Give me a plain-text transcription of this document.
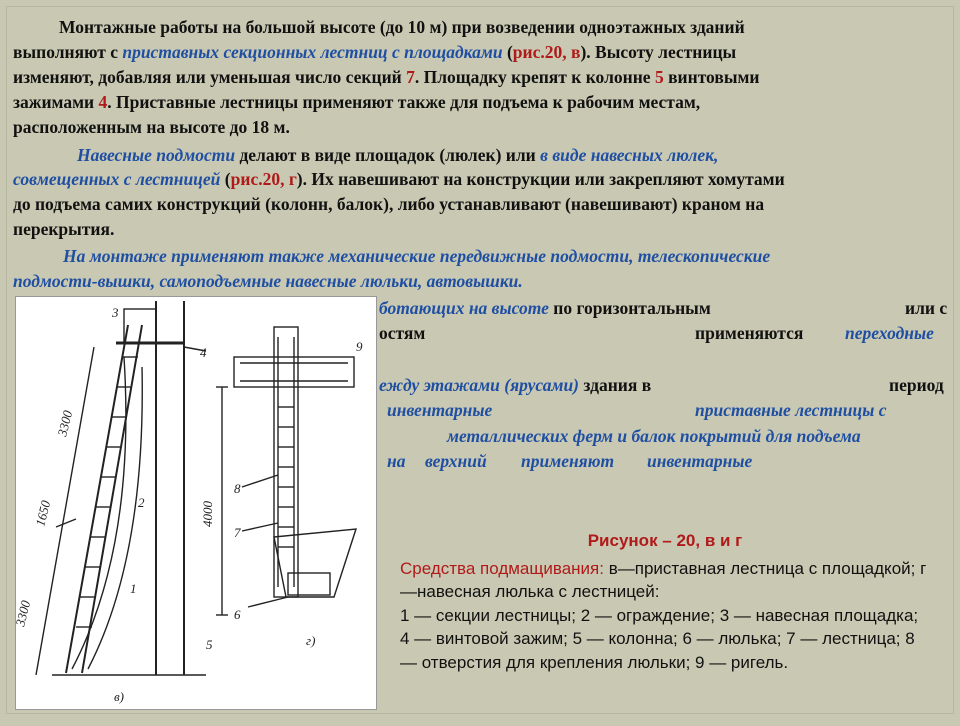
Монтажные работы на большой высоте (до 10 м) при возведении одноэтажных зданий
выполняют с приставных секционных лестниц с площадками (рис.20, в). Высоту лестницы
изменяют, добавляя или уменьшая число секций 7. Площадку крепят к колонне 5 винтовыми
зажимами 4. Приставные лестницы применяют также для подъема к рабочим местам,
расположенным на высоте до 18 м.
Навесные подмости делают в виде площадок (люлек) или в виде навесных люлек,
совмещенных с лестницей (рис.20, г). Их навешивают на конструкции или закрепляют хомутами
до подъема самих конструкций (колонн, балок), либо устанавливают (навешивают) краном на
перекрытия.
На монтаже применяют также механические передвижные подмости, телескопические
подмости-вышки, самоподъемные навесные люльки, автовышки.
ботающих на высоте по горизонтальным	или с
остям	применяются переходные
ежду этажами (ярусами) здания в	период
инвентарные	приставные лестницы с
металлических ферм и балок покрытий для подъема
на верхний применяют инвентарные
3300
1650
3300
4000
4
3
1
2
5
6
7
8
9
в)
г)
Рисунок – 20, в и г
Средства подмащивания: в—приставная лестница с площадкой; г—навесная люлька с лестницей:
1 — секции лестницы; 2 — ограждение; 3 — навесная площадка; 4 — винтовой зажим; 5 — колонна; 6 — люлька; 7 — лестница; 8 — отверстия для крепления люльки; 9 — ригель.
